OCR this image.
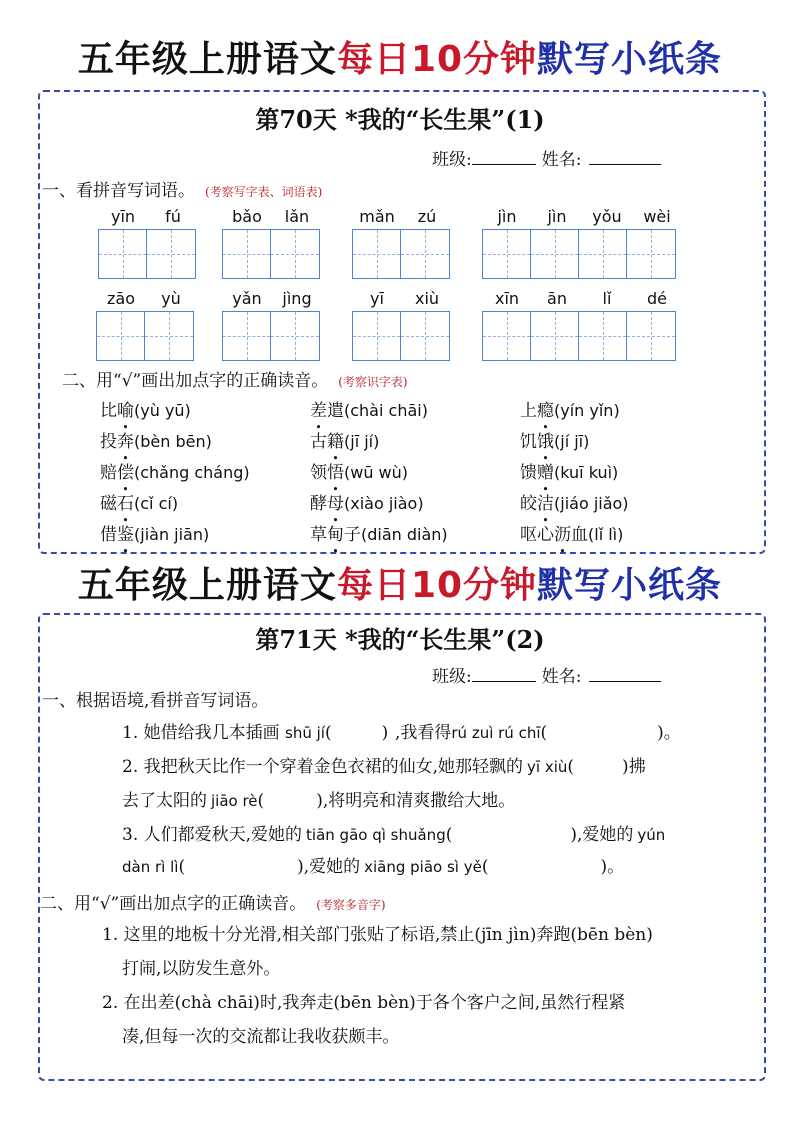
五年级上册语文每日10分钟默写小纸条
第70天 *我的“长生果”(1)
班级:	姓名:
一、看拼音写词语。 (考察写字表、词语表)
yīn	fú	bǎo	lǎn	mǎn	zú	jìn	jìn	yǒu	wèi
zāo	yù	yǎn	jìng	yī	xiù	xīn	ān	lǐ	dé
二、用“√”画出加点字的正确读音。 (考察识字表)
比喻(yù yū)	差遣(chài chāi)	上瘾(yín yǐn)
投奔(bèn bēn)	古籍(jī jí)	饥饿(jí jī)
赔偿(chǎng cháng)	领悟(wū wù)	馈赠(kuī kuì)
磁石(cǐ cí)	酵母(xiào jiào)	皎洁(jiáo jiǎo)
借鉴(jiàn jiān)	草甸子(diān diàn)	呕心沥血(lǐ lì)
五年级上册语文每日10分钟默写小纸条
第71天 *我的“长生果”(2)
班级:	姓名:
一、根据语境,看拼音写词语。
1. 她借给我几本插画 shū jí(	) ,我看得rú zuì rú chī(	)。
2. 我把秋天比作一个穿着金色衣裙的仙女,她那轻飘的 yī xiù(	)拂
去了太阳的 jiāo rè(	),将明亮和清爽撒给大地。
3. 人们都爱秋天,爱她的 tiān gāo qì shuǎng(	),爱她的 yún
dàn rì lì(	),爱她的 xiāng piāo sì yě(	)。
二、用“√”画出加点字的正确读音。 (考察多音字)
1. 这里的地板十分光滑,相关部门张贴了标语,禁止(jīn jìn)奔跑(bēn bèn)
打闹,以防发生意外。
2. 在出差(chà chāi)时,我奔走(bēn bèn)于各个客户之间,虽然行程紧
凑,但每一次的交流都让我收获颇丰。
